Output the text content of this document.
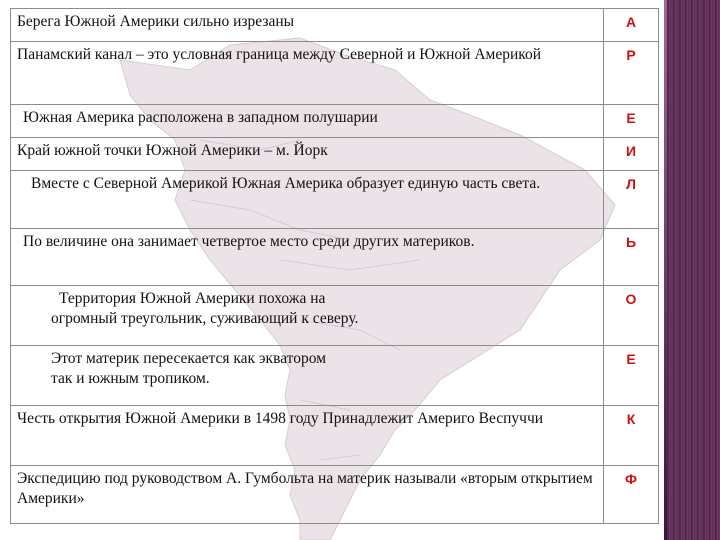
Берега Южной Америки сильно изрезаны	А

Панамский канал – это условная граница между Северной и Южной Америкой	Р

Южная Америка расположена в западном полушарии	Е

Край южной точки Южной Америки – м. Йорк	И

Вместе с Северной Америкой Южная Америка образует единую часть света.	Л

По величине она занимает четвертое место среди других материков.	Ь

Территория Южной Америки похожа на
огромный треугольник, суживающий к северу.	О

Этот материк пересекается как экватором
так и южным тропиком.	Е

Честь открытия Южной Америки в 1498 году Принадлежит Америго Веспуччи	К

Экспедицию под руководством А. Гумбольта на материк называли «вторым открытием Америки»	Ф
